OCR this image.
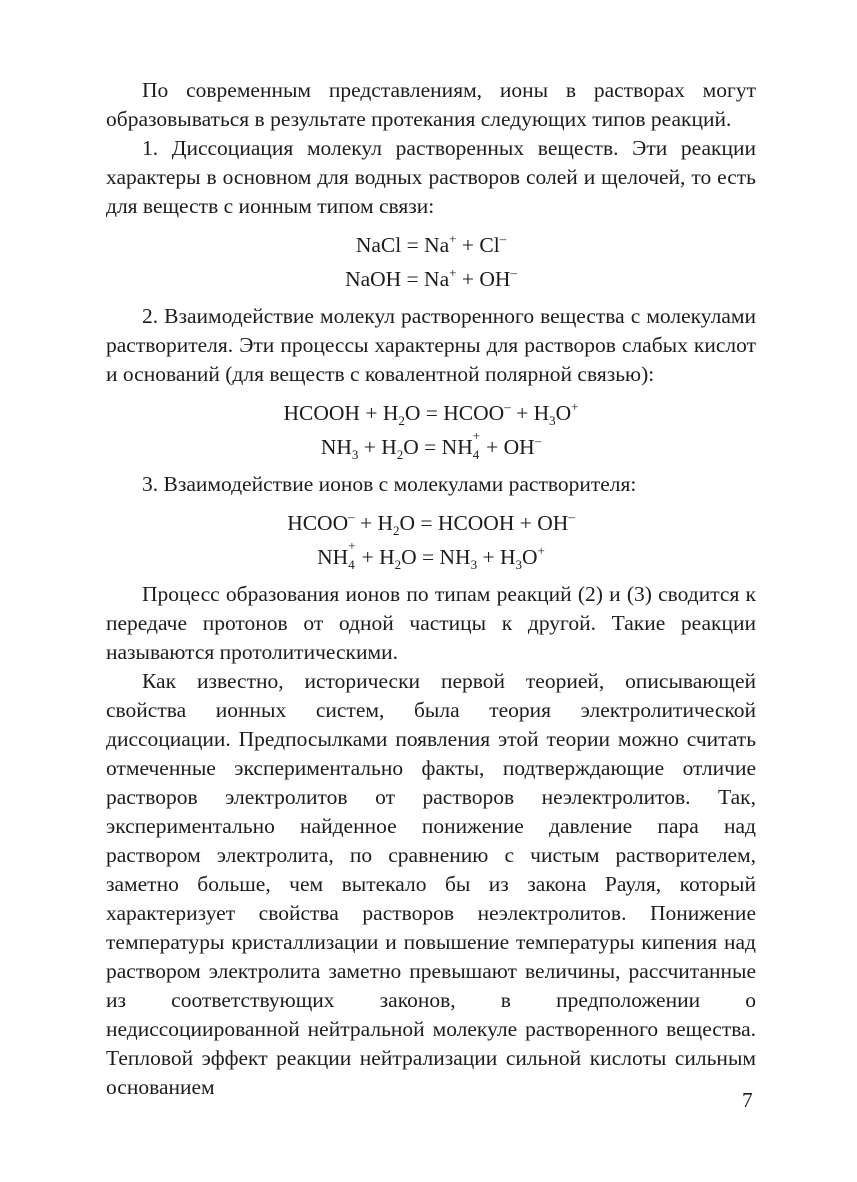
По современным представлениям, ионы в растворах могут образовываться в результате протекания следующих типов реакций.

1. Диссоциация молекул растворенных веществ. Эти реакции характеры в основном для водных растворов солей и щелочей, то есть для веществ с ионным типом связи:

NaCl = Na+ + Cl–
NaOH = Na+ + OH–

2. Взаимодействие молекул растворенного вещества с молекулами растворителя. Эти процессы характерны для растворов слабых кислот и оснований (для веществ с ковалентной полярной связью):

HCOOH + $H_2O$ = HCOO– + $H_3O^+$
$NH_3 + H_2O$ = NH +
4 + OH–

3. Взаимодействие ионов с молекулами растворителя:

HCOO– + $H_2O$ = HCOOH + OH–
NH +
$4 + H_2O = NH_3 + H_3O^+$

Процесс образования ионов по типам реакций (2) и (3) сводится к передаче протонов от одной частицы к другой. Такие реакции называются протолитическими.

Как известно, исторически первой теорией, описывающей свойства ионных систем, была теория электролитической диссоциации. Предпосылками появления этой теории можно считать отмеченные экспериментально факты, подтверждающие отличие растворов электролитов от растворов неэлектролитов. Так, экспериментально найденное понижение давление пара над раствором электролита, по сравнению с чистым растворителем, заметно больше, чем вытекало бы из закона Рауля, который характеризует свойства растворов неэлектролитов. Понижение температуры кристаллизации и повышение температуры кипения над раствором электролита заметно превышают величины, рассчитанные из соответствующих законов, в предположении о недиссоциированной нейтральной молекуле растворенного вещества. Тепловой эффект реакции нейтрализации сильной кислоты сильным основанием

7
